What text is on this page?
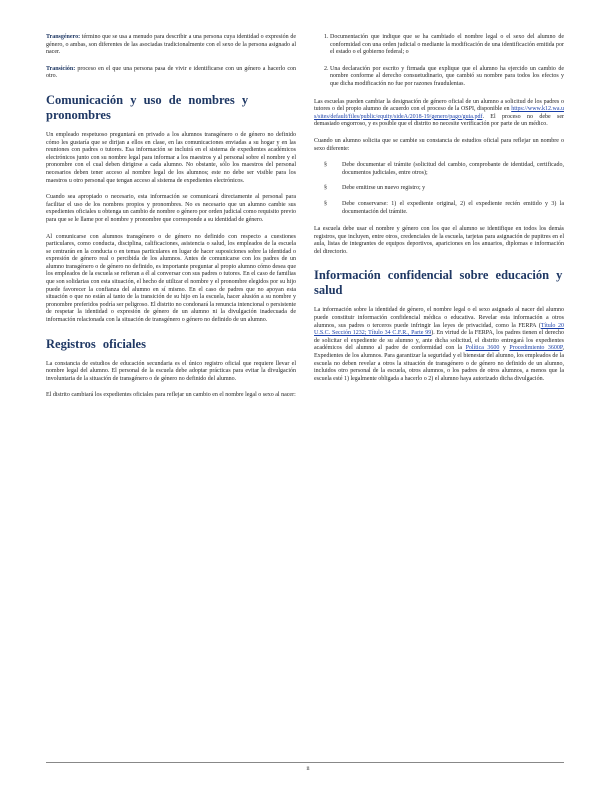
Transgénero: término que se usa a menudo para describir a una persona cuya identidad o expresión de género, o ambas, son diferentes de las asociadas tradicionalmente con el sexo de la persona asignado al nacer.

Transición: proceso en el que una persona pasa de vivir e identificarse con un género a hacerlo con otro.

Comunicación y uso de nombres y pronombres

Un empleado respetuoso preguntará en privado a los alumnos transgénero o de género no definido cómo les gustaría que se dirijan a ellos en clase, en las comunicaciones enviadas a su hogar y en las reuniones con padres o tutores. Esa información se incluirá en el sistema de expedientes académicos electrónicos junto con su nombre legal para informar a los maestros y al personal sobre el nombre y el pronombre con el cual deben dirigirse a cada alumno. No obstante, sólo los maestros del personal necesarios deben tener acceso al nombre legal de los alumnos; este no debe ser visible para los maestros u otro personal que tengan acceso al sistema de expedientes electrónicos.

Cuando sea apropiado o necesario, esta información se comunicará directamente al personal para facilitar el uso de los nombres propios y pronombres. No es necesario que un alumno cambie sus expedientes oficiales u obtenga un cambio de nombre o género por orden judicial como requisito previo para que se le llame por el nombre y pronombre que corresponde a su identidad de género.

Al comunicarse con alumnos transgénero o de género no definido con respecto a cuestiones particulares, como conducta, disciplina, calificaciones, asistencia o salud, los empleados de la escuela se centrarán en la conducta o en temas particulares en lugar de hacer suposiciones sobre la identidad o expresión de género real o percibida de los alumnos. Antes de comunicarse con los padres de un alumno transgénero o de género no definido, es importante preguntar al propio alumno cómo desea que los empleados de la escuela se refieran a él al conversar con sus padres o tutores. En el caso de familias que son solidarias con esta situación, el hecho de utilizar el nombre y el pronombre elegidos por su hijo puede favorecer la confianza del alumno en sí mismo. En el caso de padres que no apoyan esta situación o que no están al tanto de la transición de su hijo en la escuela, hacer alusión a su nombre y pronombre preferidos podría ser peligroso. El distrito no condonará la renuncia intencional o persistente de respetar la identidad o expresión de género de un alumno ni la divulgación inadecuada de información relacionada con la situación de transgénero o género no definido de un alumno.

Registros oficiales

La constancia de estudios de educación secundaria es el único registro oficial que requiere llevar el nombre legal del alumno. El personal de la escuela debe adoptar prácticas para evitar la divulgación involuntaria de la situación de transgénero o de género no definido del alumno.

El distrito cambiará los expedientes oficiales para reflejar un cambio en el nombre legal o sexo al nacer:

1. Documentación que indique que se ha cambiado el nombre legal o el sexo del alumno de conformidad con una orden judicial o mediante la modificación de una identificación emitida por el estado o el gobierno federal; o
2. Una declaración por escrito y firmada que explique que el alumno ha ejercido un cambio de nombre conforme al derecho consuetudinario, que cambió su nombre para todos los efectos y que dicha modificación no fue por razones fraudulentas.

Las escuelas pueden cambiar la designación de género oficial de un alumno a solicitud de los padres o tutores o del propio alumno de acuerdo con el proceso de la OSPI, disponible en https://www.k12.wa.us/sites/default/files/public/equity/sideA/2018-19/genero/pago/guia.pdf. El proceso no debe ser demasiado engorroso, y es posible que el distrito no necesite verificación por parte de un médico.

Cuando un alumno solicita que se cambie su constancia de estudios oficial para reflejar un nombre o sexo diferente:

§	Debe documentar el trámite (solicitud del cambio, comprobante de identidad, certificado, documentos judiciales, entre otros);
§	Debe emitirse un nuevo registro; y
§	Debe conservarse: 1) el expediente original, 2) el expediente recién emitido y 3) la documentación del trámite.

La escuela debe usar el nombre y género con los que el alumno se identifique en todos los demás registros, que incluyen, entre otros, credenciales de la escuela, tarjetas para asignación de pupitres en el aula, listas de integrantes de equipos deportivos, apariciones en los anuarios, diplomas e información del directorio.

Información confidencial sobre educación y salud

La información sobre la identidad de género, el nombre legal o el sexo asignado al nacer del alumno puede constituir información confidencial médica o educativa. Revelar esta información a otros alumnos, sus padres o terceros puede infringir las leyes de privacidad, como la FERPA (Título 20 U.S.C. Sección 1232; Título 34 C.F.R., Parte 99). En virtud de la FERPA, los padres tienen el derecho de solicitar el expediente de su alumno y, ante dicha solicitud, el distrito entregará los expedientes académicos del alumno al padre de conformidad con la Política 3600 y Procedimiento 3600P, Expedientes de los alumnos. Para garantizar la seguridad y el bienestar del alumno, los empleados de la escuela no deben revelar a otros la situación de transgénero o de género no definido de un alumno, incluidos otro personal de la escuela, otros alumnos, o los padres de otros alumnos, a menos que la escuela esté 1) legalmente obligada a hacerlo o 2) el alumno haya autorizado dicha divulgación.

ii
